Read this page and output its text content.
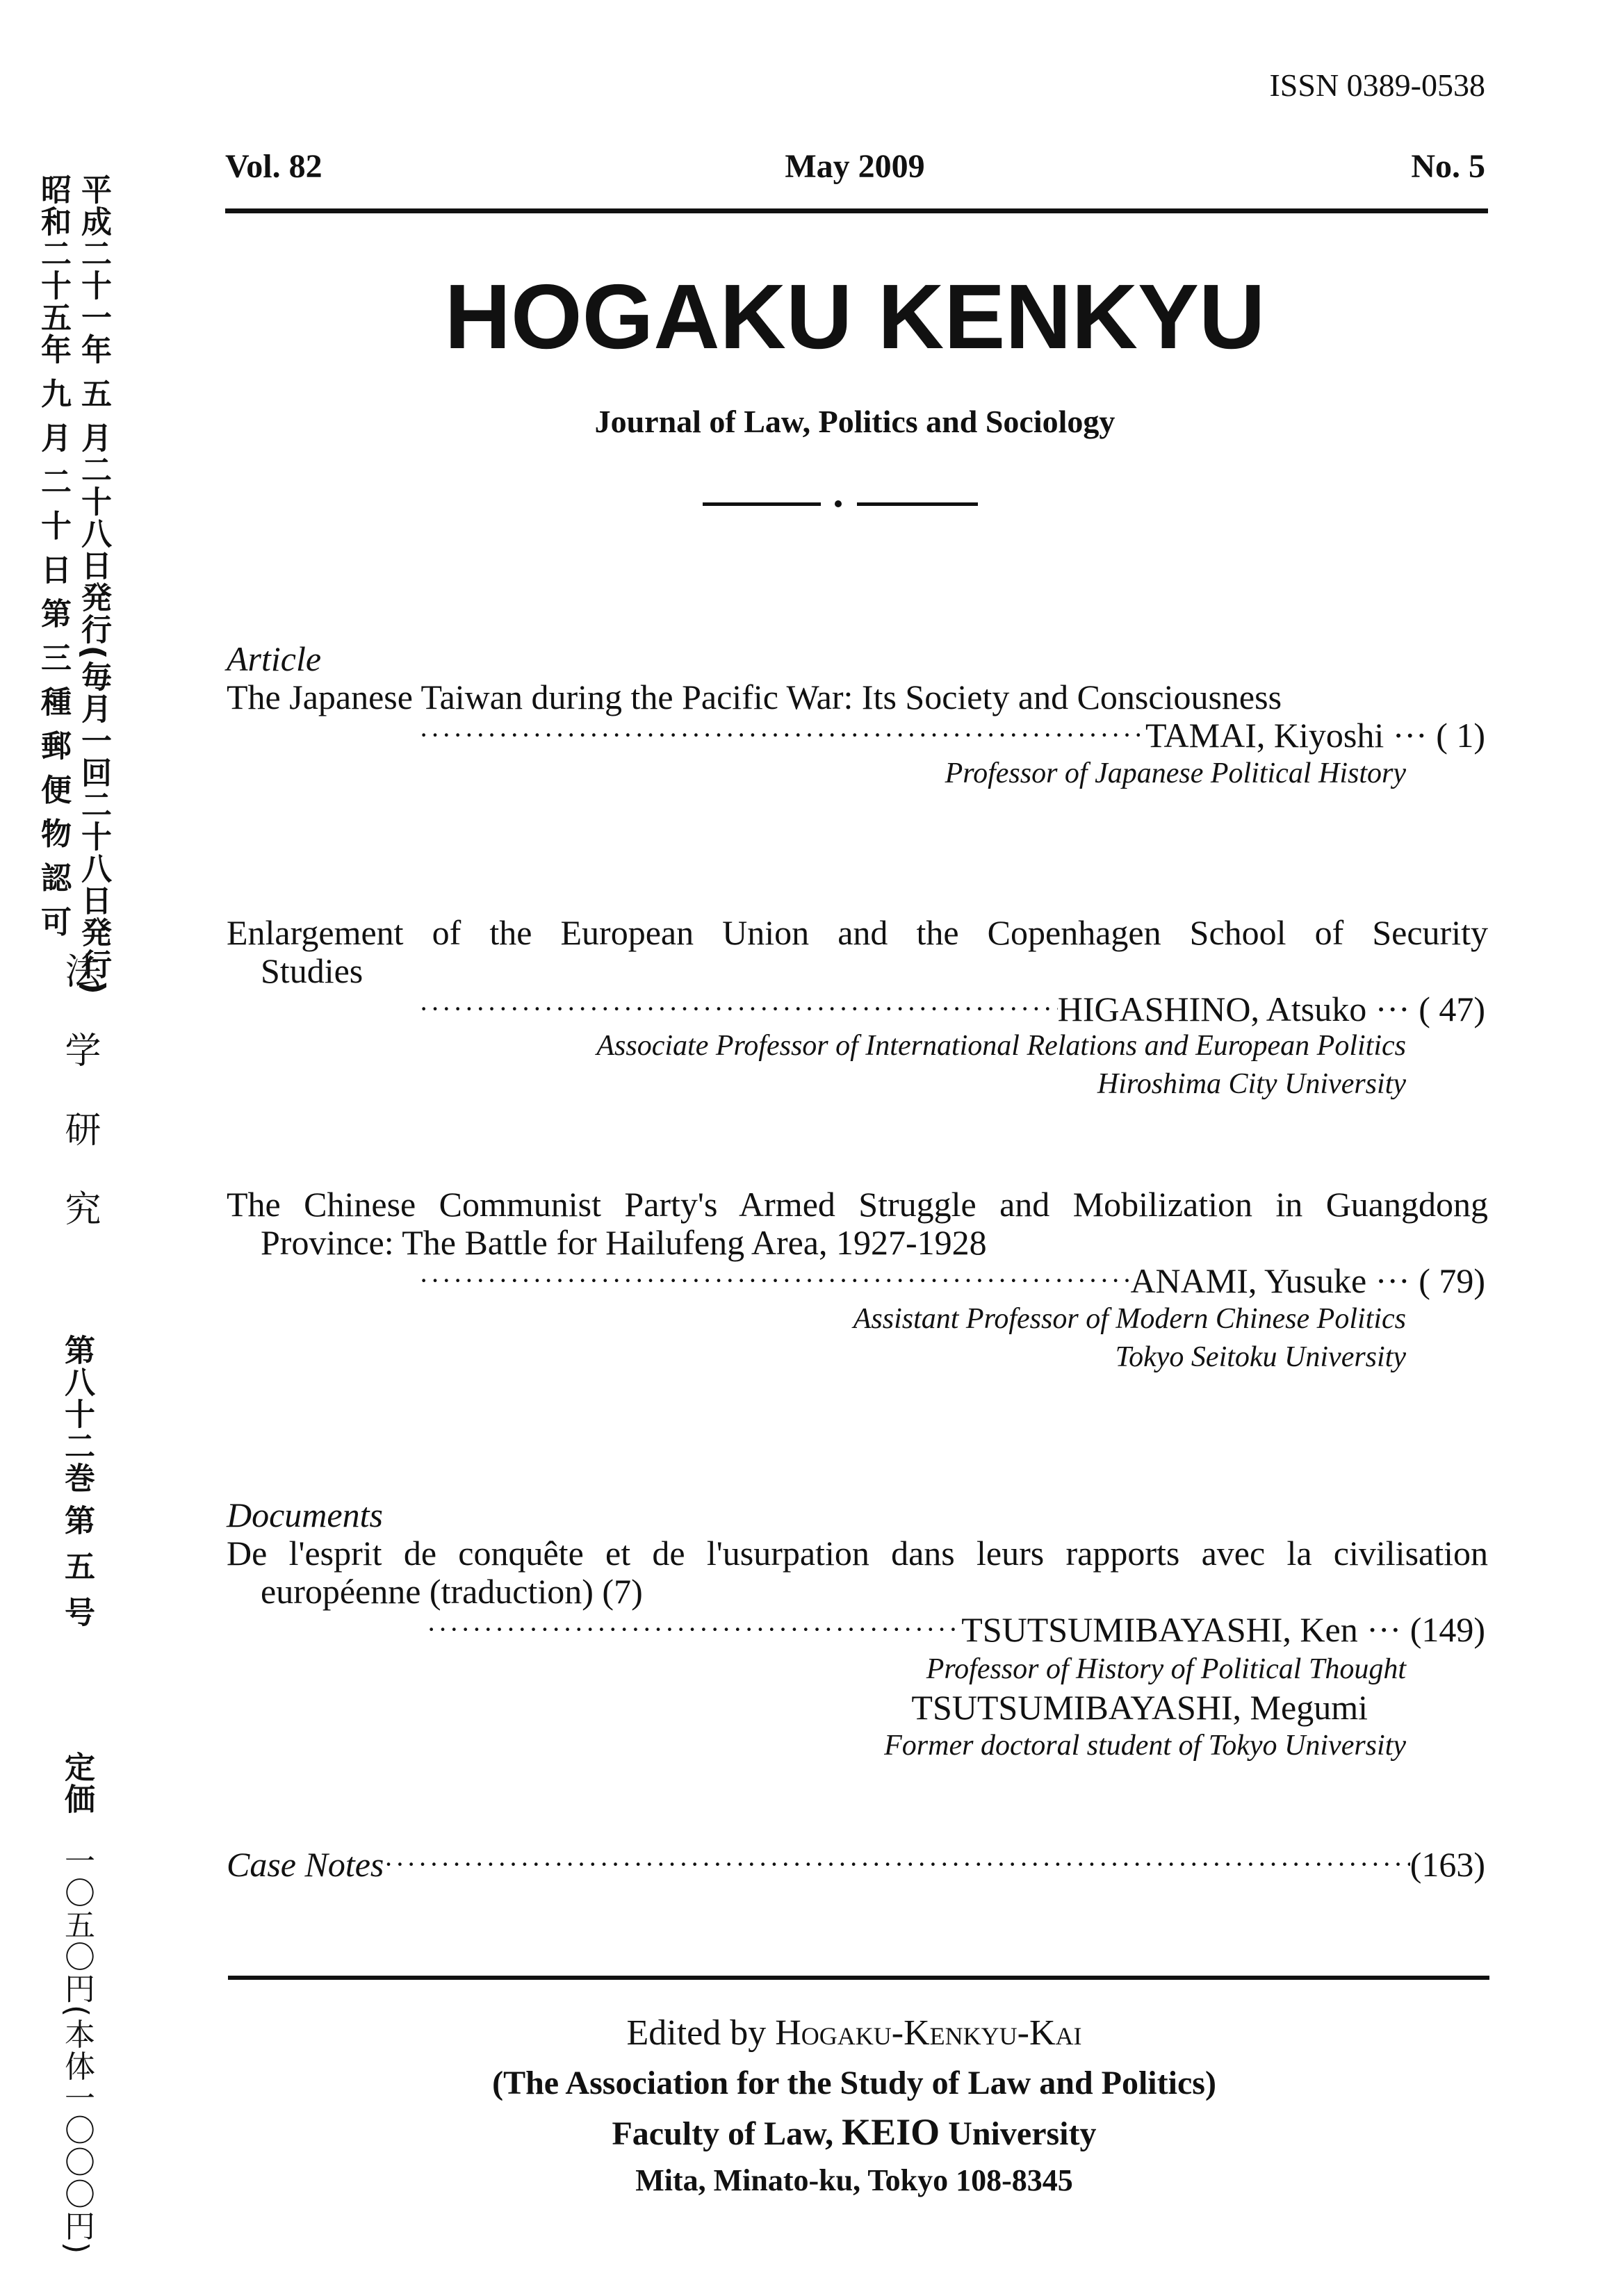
平成二十一年 五 月二十八日発行(毎月一回二十八日発行)
昭和二十五年 九 月 二 十 日 第 三 種 郵 便 物 認 可
法学研究
第八十二巻
第五号
定価
一〇五〇円(本体一〇〇〇円)
ISSN 0389-0538
Vol. 82	May 2009	No. 5
HOGAKU KENKYU
Journal of Law, Politics and Sociology
Article
The Japanese Taiwan during the Pacific War: Its Society and Consciousness
·····
TAMAI, Kiyoshi ··· ( 1)
Professor of Japanese Political History
Enlargement of the European Union and the Copenhagen School of Security
Studies
·····
HIGASHINO, Atsuko ··· ( 47)
Associate Professor of International Relations and European Politics
Hiroshima City University
The Chinese Communist Party's Armed Struggle and Mobilization in Guangdong
Province: The Battle for Hailufeng Area, 1927-1928
·····
ANAMI, Yusuke ··· ( 79)
Assistant Professor of Modern Chinese Politics
Tokyo Seitoku University
Documents
De l'esprit de conquête et de l'usurpation dans leurs rapports avec la civilisation
européenne (traduction) (7)
·····
TSUTSUMIBAYASHI, Ken ··· (149)
Professor of History of Political Thought
TSUTSUMIBAYASHI, Megumi
Former doctoral student of Tokyo University
Case Notes ·····	(163)
Edited by Hogaku-Kenkyu-Kai
(The Association for the Study of Law and Politics)
Faculty of Law, KEIO University
Mita, Minato-ku, Tokyo 108-8345
